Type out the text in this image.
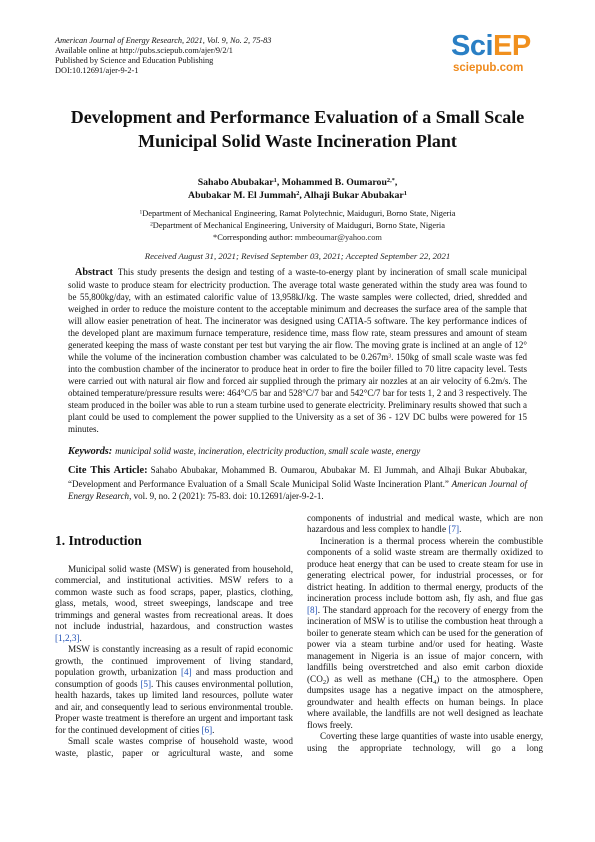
American Journal of Energy Research, 2021, Vol. 9, No. 2, 75-83
Available online at http://pubs.sciepub.com/ajer/9/2/1
Published by Science and Education Publishing
DOI:10.12691/ajer-9-2-1
SciEP
sciepub.com
Development and Performance Evaluation of a Small Scale Municipal Solid Waste Incineration Plant
Sahabo Abubakar$^1$, Mohammed B. Oumarou$^{2,*}$,
Abubakar M. El Jummah$^2$, Alhaji Bukar Abubakar$^1$
$^1$Department of Mechanical Engineering, Ramat Polytechnic, Maiduguri, Borno State, Nigeria
$^2$Department of Mechanical Engineering, University of Maiduguri, Borno State, Nigeria
*Corresponding author: mmbeoumar@yahoo.com
Received August 31, 2021; Revised September 03, 2021; Accepted September 22, 2021
Abstract This study presents the design and testing of a waste-to-energy plant by incineration of small scale municipal solid waste to produce steam for electricity production. The average total waste generated within the study area was found to be 55,800kg/day, with an estimated calorific value of 13,958kJ/kg. The waste samples were collected, dried, shredded and weighed in order to reduce the moisture content to the acceptable minimum and decreases the surface area of the sample that will allow easier penetration of heat. The incinerator was designed using CATIA-5 software. The key performance indices of the developed plant are maximum furnace temperature, residence time, mass flow rate, steam pressures and amount of steam generated keeping the mass of waste constant per test but varying the air flow. The moving grate is inclined at an angle of 12° while the volume of the incineration combustion chamber was calculated to be $0.267m^3$. 150kg of small scale waste was fed into the combustion chamber of the incinerator to produce heat in order to fire the boiler filled to 70 litre capacity level. Tests were carried out with natural air flow and forced air supplied through the primary air nozzles at an air velocity of 6.2m/s. The obtained temperature/pressure results were: 464°C/5 bar and 528°C/7 bar and 542°C/7 bar for tests 1, 2 and 3 respectively. The steam produced in the boiler was able to run a steam turbine used to generate electricity. Preliminary results showed that such a plant could be used to complement the power supplied to the University as a set of 36 - 12V DC bulbs were powered for 15 minutes.
Keywords: municipal solid waste, incineration, electricity production, small scale waste, energy
Cite This Article: Sahabo Abubakar, Mohammed B. Oumarou, Abubakar M. El Jummah, and Alhaji Bukar Abubakar, “Development and Performance Evaluation of a Small Scale Municipal Solid Waste Incineration Plant.” American Journal of Energy Research, vol. 9, no. 2 (2021): 75-83. doi: 10.12691/ajer-9-2-1.
1. Introduction

Municipal solid waste (MSW) is generated from household, commercial, and institutional activities. MSW refers to a common waste such as food scraps, paper, plastics, clothing, glass, metals, wood, street sweepings, landscape and tree trimmings and general wastes from recreational areas. It does not include industrial, hazardous, and construction wastes [1,2,3].

MSW is constantly increasing as a result of rapid economic growth, the continued improvement of living standard, population growth, urbanization [4] and mass production and consumption of goods [5]. This causes environmental pollution, health hazards, takes up limited land resources, pollute water and air, and consequently lead to serious environmental trouble. Proper waste treatment is therefore an urgent and important task for the continued development of cities [6].

Small scale wastes comprise of household waste, wood waste, plastic, paper or agricultural waste, and some

components of industrial and medical waste, which are non hazardous and less complex to handle [7].

Incineration is a thermal process wherein the combustible components of a solid waste stream are thermally oxidized to produce heat energy that can be used to create steam for use in generating electrical power, for industrial processes, or for district heating. In addition to thermal energy, products of the incineration process include bottom ash, fly ash, and flue gas [8]. The standard approach for the recovery of energy from the incineration of MSW is to utilise the combustion heat through a boiler to generate steam which can be used for the generation of power via a steam turbine and/or used for heating. Waste management in Nigeria is an issue of major concern, with landfills being overstretched and also emit carbon dioxide $(CO_2)$ as well as methane $(CH_4)$ to the atmosphere. Open dumpsites usage has a negative impact on the atmosphere, groundwater and health effects on human beings. In place where available, the landfills are not well designed as leachate flows freely.

Coverting these large quantities of waste into usable energy, using the appropriate technology, will go a long
